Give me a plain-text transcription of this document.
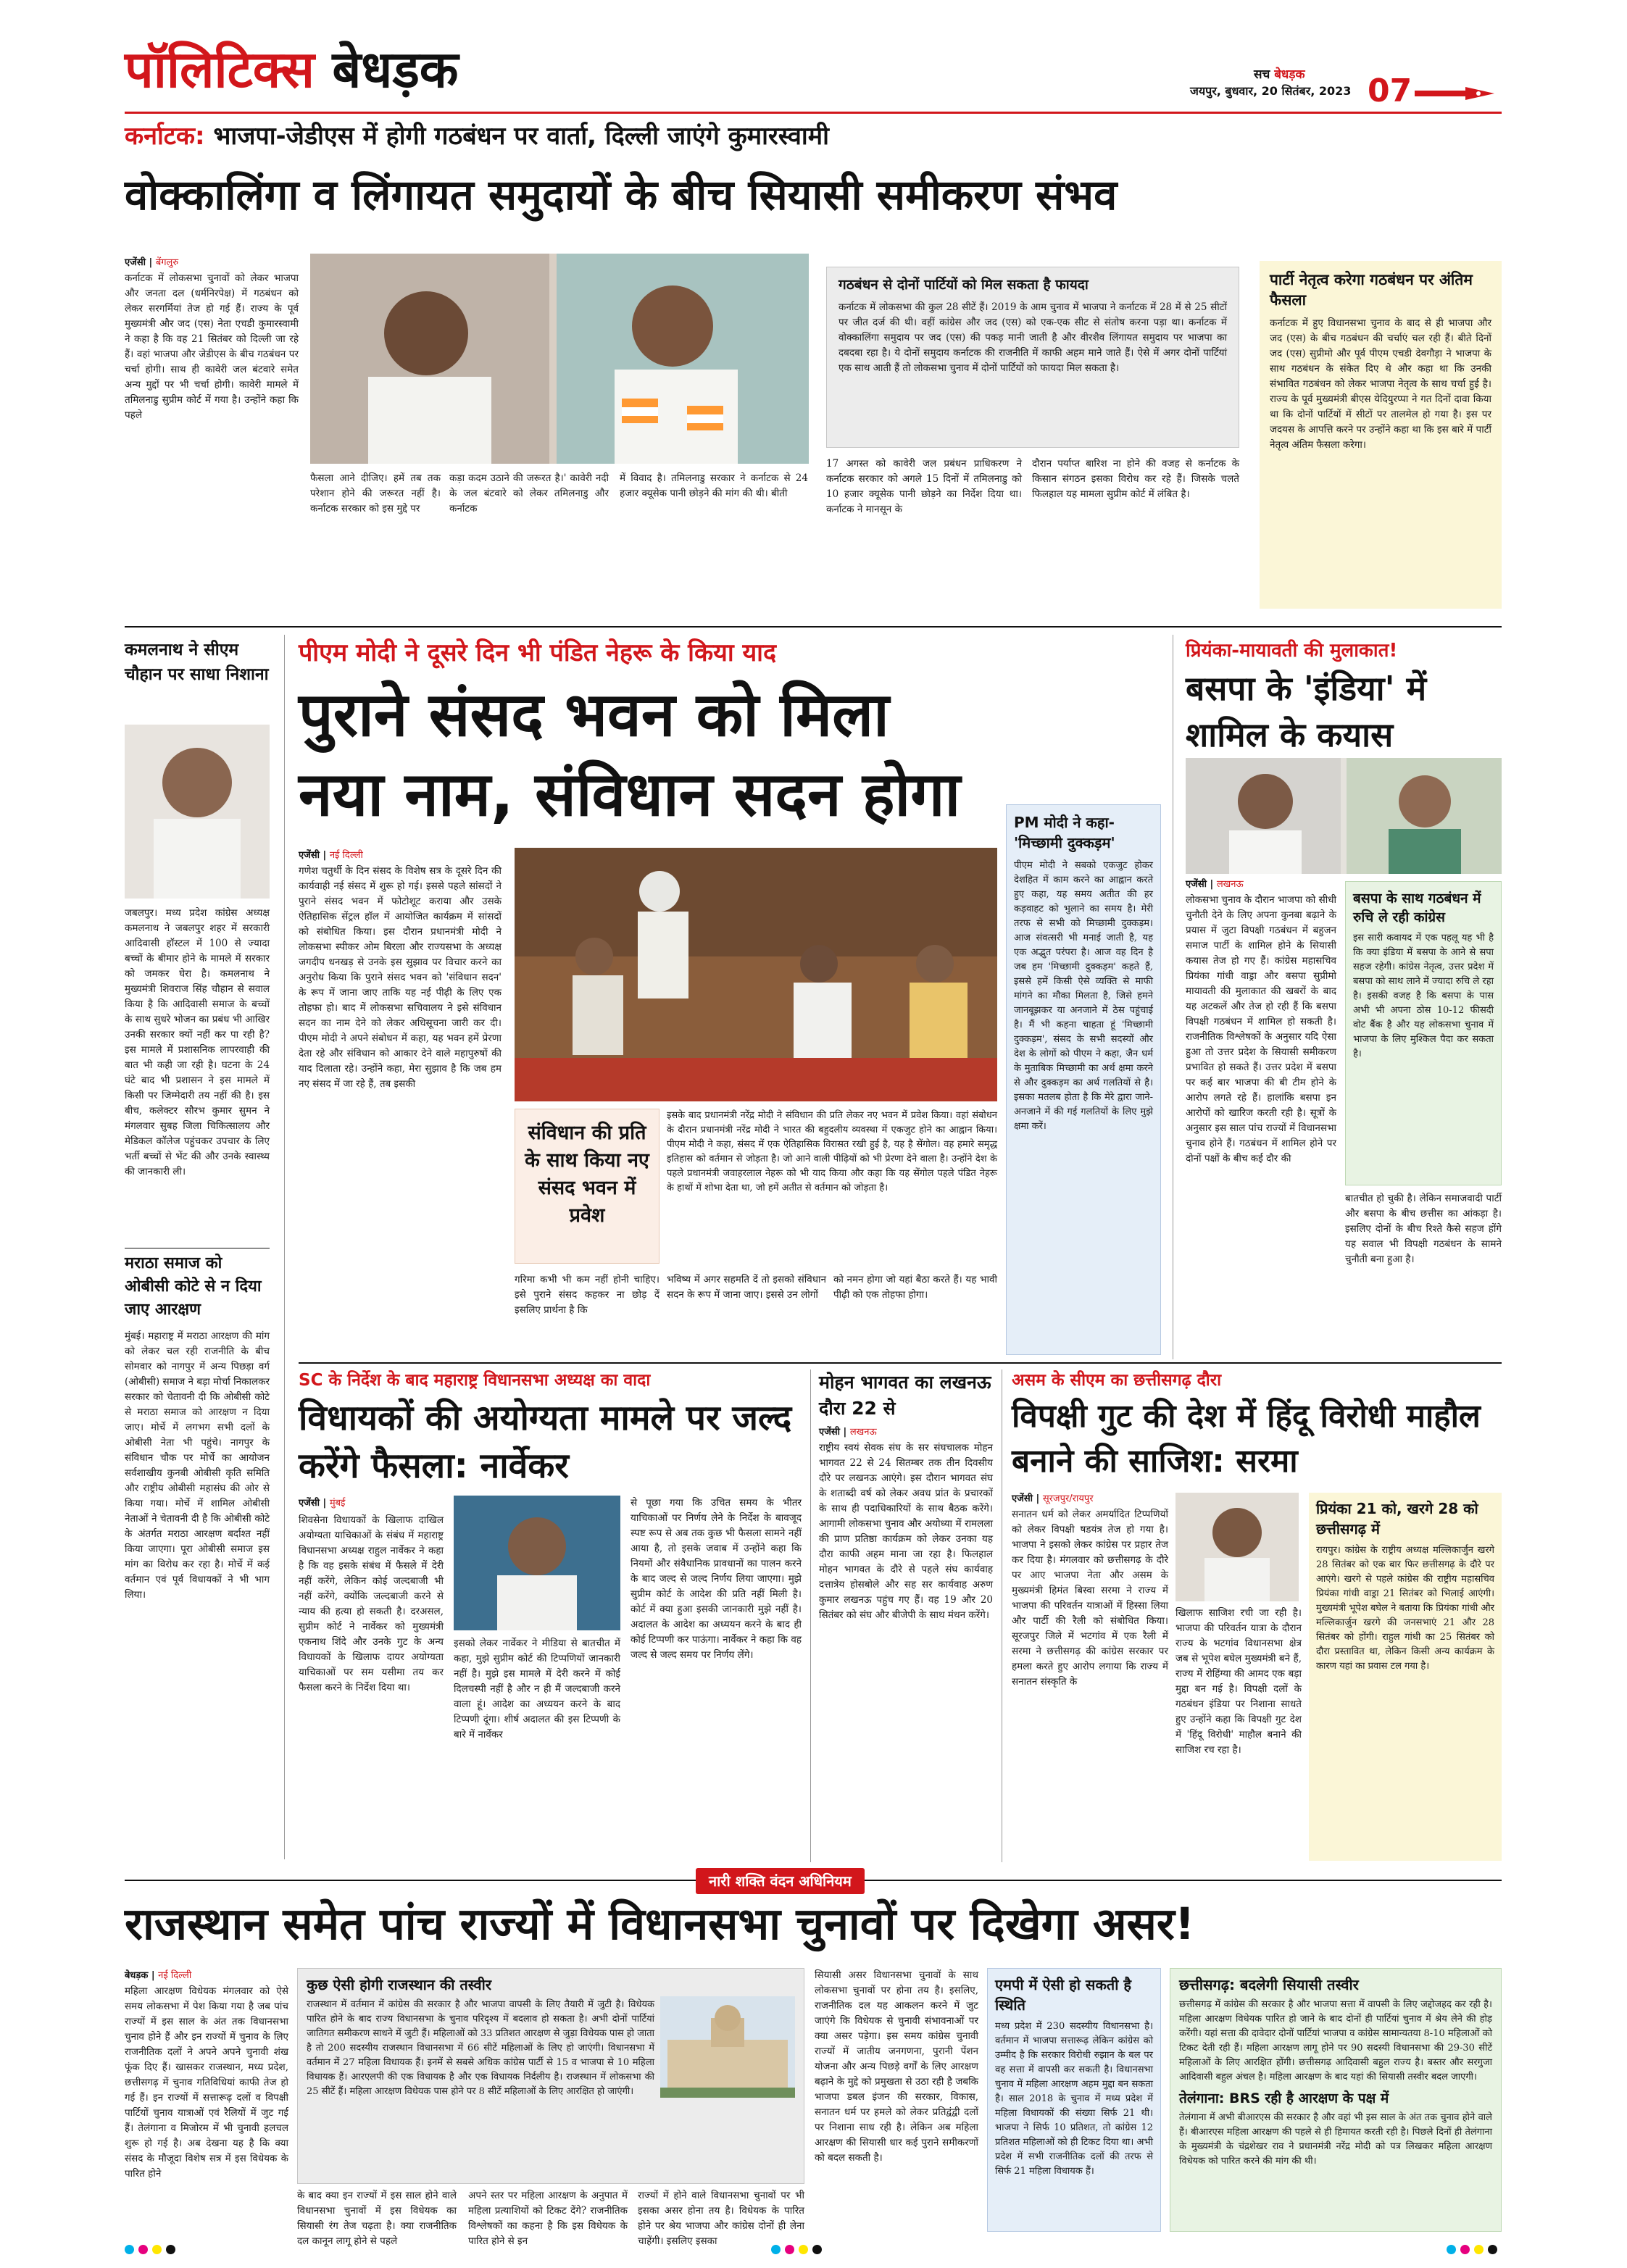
पॉलिटिक्स बेधड़क	सच बेधड़क
जयपुर, बुधवार, 20 सितंबर, 2023 07
कर्नाटक: भाजपा-जेडीएस में होगी गठबंधन पर वार्ता, दिल्ली जाएंगे कुमारस्वामी
वोक्कालिंगा व लिंगायत समुदायों के बीच सियासी समीकरण संभव
एजेंसी | बेंगलुरु
कर्नाटक में लोकसभा चुनावों को लेकर भाजपा और जनता दल (धर्मनिरपेक्ष) में गठबंधन को लेकर सरगर्मियां तेज हो गई हैं। राज्य के पूर्व मुख्यमंत्री और जद (एस) नेता एचडी कुमारस्वामी ने कहा है कि वह 21 सितंबर को दिल्ली जा रहे हैं। वहां भाजपा और जेडीएस के बीच गठबंधन पर चर्चा होगी। साथ ही कावेरी जल बंटवारे समेत अन्य मुद्दों पर भी चर्चा होगी। कावेरी मामले में तमिलनाडु सुप्रीम कोर्ट में गया है। उन्होंने कहा कि पहले
फैसला आने दीजिए। हमें तब तक परेशान होने की जरूरत नहीं है। कर्नाटक सरकार को इस मुद्दे पर
कड़ा कदम उठाने की जरूरत है।' कावेरी नदी के जल बंटवारे को लेकर तमिलनाडु और कर्नाटक
में विवाद है। तमिलनाडु सरकार ने कर्नाटक से 24 हजार क्यूसेक पानी छोड़ने की मांग की थी। बीती
गठबंधन से दोनों पार्टियों को मिल सकता है फायदा
कर्नाटक में लोकसभा की कुल 28 सीटें हैं। 2019 के आम चुनाव में भाजपा ने कर्नाटक में 28 में से 25 सीटों पर जीत दर्ज की थी। वहीं कांग्रेस और जद (एस) को एक-एक सीट से संतोष करना पड़ा था। कर्नाटक में वोक्कालिंगा समुदाय पर जद (एस) की पकड़ मानी जाती है और वीरशैव लिंगायत समुदाय पर भाजपा का दबदबा रहा है। ये दोनों समुदाय कर्नाटक की राजनीति में काफी अहम माने जाते हैं। ऐसे में अगर दोनों पार्टियां एक साथ आती हैं तो लोकसभा चुनाव में दोनों पार्टियों को फायदा मिल सकता है।
17 अगस्त को कावेरी जल प्रबंधन प्राधिकरण ने कर्नाटक सरकार को अगले 15 दिनों में तमिलनाडु को 10 हजार क्यूसेक पानी छोड़ने का निर्देश दिया था। कर्नाटक ने मानसून के
दौरान पर्याप्त बारिश ना होने की वजह से कर्नाटक के किसान संगठन इसका विरोध कर रहे हैं। जिसके चलते फिलहाल यह मामला सुप्रीम कोर्ट में लंबित है।
पार्टी नेतृत्व करेगा गठबंधन पर अंतिम फैसला
कर्नाटक में हुए विधानसभा चुनाव के बाद से ही भाजपा और जद (एस) के बीच गठबंधन की चर्चाएं चल रही हैं। बीते दिनों जद (एस) सुप्रीमो और पूर्व पीएम एचडी देवगौड़ा ने भाजपा के साथ गठबंधन के संकेत दिए थे और कहा था कि उनकी संभावित गठबंधन को लेकर भाजपा नेतृत्व के साथ चर्चा हुई है। राज्य के पूर्व मुख्यमंत्री बीएस येदियुरप्पा ने गत दिनों दावा किया था कि दोनों पार्टियों में सीटों पर तालमेल हो गया है। इस पर जदयस के आपत्ति करने पर उन्होंने कहा था कि इस बारे में पार्टी नेतृत्व अंतिम फैसला करेगा।
कमलनाथ ने सीएम चौहान पर साधा निशाना
जबलपुर। मध्य प्रदेश कांग्रेस अध्यक्ष कमलनाथ ने जबलपुर शहर में सरकारी आदिवासी हॉस्टल में 100 से ज्यादा बच्चों के बीमार होने के मामले में सरकार को जमकर घेरा है। कमलनाथ ने मुख्यमंत्री शिवराज सिंह चौहान से सवाल किया है कि आदिवासी समाज के बच्चों के साथ सुधरे भोजन का प्रबंध भी आखिर उनकी सरकार क्यों नहीं कर पा रही है? इस मामले में प्रशासनिक लापरवाही की बात भी कही जा रही है। घटना के 24 घंटे बाद भी प्रशासन ने इस मामले में किसी पर जिम्मेदारी तय नहीं की है। इस बीच, कलेक्टर सौरभ कुमार सुमन ने मंगलवार सुबह जिला चिकित्सालय और मेडिकल कॉलेज पहुंचकर उपचार के लिए भर्ती बच्चों से भेंट की और उनके स्वास्थ्य की जानकारी ली।
मराठा समाज को ओबीसी कोटे से न दिया जाए आरक्षण
मुंबई। महाराष्ट्र में मराठा आरक्षण की मांग को लेकर चल रही राजनीति के बीच सोमवार को नागपुर में अन्य पिछड़ा वर्ग (ओबीसी) समाज ने बड़ा मोर्चा निकालकर सरकार को चेतावनी दी कि ओबीसी कोटे से मराठा समाज को आरक्षण न दिया जाए। मोर्चे में लगभग सभी दलों के ओबीसी नेता भी पहुंचे। नागपुर के संविधान चौक पर मोर्चे का आयोजन सर्वशाखीय कुनबी ओबीसी कृति समिति और राष्ट्रीय ओबीसी महासंघ की ओर से किया गया। मोर्चे में शामिल ओबीसी नेताओं ने चेतावनी दी है कि ओबीसी कोटे के अंतर्गत मराठा आरक्षण बर्दाश्त नहीं किया जाएगा। पूरा ओबीसी समाज इस मांग का विरोध कर रहा है। मोर्चे में कई वर्तमान एवं पूर्व विधायकों ने भी भाग लिया।
पीएम मोदी ने दूसरे दिन भी पंडित नेहरू के किया याद
पुराने संसद भवन को मिला
नया नाम, संविधान सदन होगा
एजेंसी | नई दिल्ली
गणेश चतुर्थी के दिन संसद के विशेष सत्र के दूसरे दिन की कार्यवाही नई संसद में शुरू हो गई। इससे पहले सांसदों ने पुराने संसद भवन में फोटोशूट कराया और उसके ऐतिहासिक सेंट्रल हॉल में आयोजित कार्यक्रम में सांसदों को संबोधित किया। इस दौरान प्रधानमंत्री मोदी ने लोकसभा स्पीकर ओम बिरला और राज्यसभा के अध्यक्ष जगदीप धनखड़ से उनके इस सुझाव पर विचार करने का अनुरोध किया कि पुराने संसद भवन को 'संविधान सदन' के रूप में जाना जाए ताकि यह नई पीढ़ी के लिए एक तोहफा हो। बाद में लोकसभा सचिवालय ने इसे संविधान सदन का नाम देने को लेकर अधिसूचना जारी कर दी। पीएम मोदी ने अपने संबोधन में कहा, यह भवन हमें प्रेरणा देता रहे और संविधान को आकार देने वाले महापुरुषों की याद दिलाता रहे। उन्होंने कहा, मेरा सुझाव है कि जब हम नए संसद में जा रहे हैं, तब इसकी
संविधान की प्रति के साथ किया नए संसद भवन में प्रवेश
इसके बाद प्रधानमंत्री नरेंद्र मोदी ने संविधान की प्रति लेकर नए भवन में प्रवेश किया। वहां संबोधन के दौरान प्रधानमंत्री नरेंद्र मोदी ने भारत की बहुदलीय व्यवस्था में एकजुट होने का आह्वान किया। पीएम मोदी ने कहा, संसद में एक ऐतिहासिक विरासत रखी हुई है, यह है सेंगोल। वह हमारे समृद्ध इतिहास को वर्तमान से जोड़ता है। जो आने वाली पीढ़ियों को भी प्रेरणा देने वाला है। उन्होंने देश के पहले प्रधानमंत्री जवाहरलाल नेहरू को भी याद किया और कहा कि यह सेंगोल पहले पंडित नेहरू के हाथों में शोभा देता था, जो हमें अतीत से वर्तमान को जोड़ता है।
गरिमा कभी भी कम नहीं होनी चाहिए। इसे पुराने संसद कहकर ना छोड़ दें इसलिए प्रार्थना है कि
भविष्य में अगर सहमति दें तो इसको संविधान सदन के रूप में जाना जाए। इससे उन लोगों
को नमन होगा जो यहां बैठा करते हैं। यह भावी पीढ़ी को एक तोहफा होगा।
PM मोदी ने कहा- 'मिच्छामी दुक्कड़म'
पीएम मोदी ने सबको एकजुट होकर देशहित में काम करने का आह्वान करते हुए कहा, यह समय अतीत की हर कड़वाहट को भुलाने का समय है। मेरी तरफ से सभी को मिच्छामी दुक्कड़म। आज संवत्सरी भी मनाई जाती है, यह एक अद्भुत परंपरा है। आज वह दिन है जब हम 'मिच्छामी दुक्कड़म' कहते हैं, इससे हमें किसी ऐसे व्यक्ति से माफी मांगने का मौका मिलता है, जिसे हमने जानबूझकर या अनजाने में ठेस पहुंचाई है। मैं भी कहना चाहता हूं 'मिच्छामी दुक्कड़म', संसद के सभी सदस्यों और देश के लोगों को पीएम ने कहा, जैन धर्म के मुताबिक मिच्छामी का अर्थ क्षमा करने से और दुक्कड़म का अर्थ गलतियों से है। इसका मतलब होता है कि मेरे द्वारा जाने-अनजाने में की गई गलतियों के लिए मुझे क्षमा करें।
प्रियंका-मायावती की मुलाकात!
बसपा के 'इंडिया' में शामिल के कयास
एजेंसी | लखनऊ
लोकसभा चुनाव के दौरान भाजपा को सीधी चुनौती देने के लिए अपना कुनबा बढ़ाने के प्रयास में जुटा विपक्षी गठबंधन में बहुजन समाज पार्टी के शामिल होने के सियासी कयास तेज हो गए हैं। कांग्रेस महासचिव प्रियंका गांधी वाड्रा और बसपा सुप्रीमो मायावती की मुलाकात की खबरों के बाद यह अटकलें और तेज हो रही हैं कि बसपा विपक्षी गठबंधन में शामिल हो सकती है। राजनीतिक विश्लेषकों के अनुसार यदि ऐसा हुआ तो उत्तर प्रदेश के सियासी समीकरण प्रभावित हो सकते हैं। उत्तर प्रदेश में बसपा पर कई बार भाजपा की बी टीम होने के आरोप लगते रहे हैं। हालांकि बसपा इन आरोपों को खारिज करती रही है। सूत्रों के अनुसार इस साल पांच राज्यों में विधानसभा चुनाव होने हैं। गठबंधन में शामिल होने पर दोनों पक्षों के बीच कई दौर की
बसपा के साथ गठबंधन में रुचि ले रही कांग्रेस
इस सारी कवायद में एक पहलू यह भी है कि क्या इंडिया में बसपा के आने से सपा सहज रहेगी। कांग्रेस नेतृत्व, उत्तर प्रदेश में बसपा को साथ लाने में ज्यादा रुचि ले रहा है। इसकी वजह है कि बसपा के पास अभी भी अपना ठोस 10-12 फीसदी वोट बैंक है और यह लोकसभा चुनाव में भाजपा के लिए मुश्किल पैदा कर सकता है।
बातचीत हो चुकी है। लेकिन समाजवादी पार्टी और बसपा के बीच छत्तीस का आंकड़ा है। इसलिए दोनों के बीच रिश्ते कैसे सहज होंगे यह सवाल भी विपक्षी गठबंधन के सामने चुनौती बना हुआ है।
SC के निर्देश के बाद महाराष्ट्र विधानसभा अध्यक्ष का वादा
विधायकों की अयोग्यता मामले पर जल्द करेंगे फैसला: नार्वेकर
एजेंसी | मुंबई
शिवसेना विधायकों के खिलाफ दाखिल अयोग्यता याचिकाओं के संबंध में महाराष्ट्र विधानसभा अध्यक्ष राहुल नार्वेकर ने कहा है कि वह इसके संबंध में फैसले में देरी नहीं करेंगे, लेकिन कोई जल्दबाजी भी नहीं करेंगे, क्योंकि जल्दबाजी करने से न्याय की हत्या हो सकती है। दरअसल, सुप्रीम कोर्ट ने नार्वेकर को मुख्यमंत्री एकनाथ शिंदे और उनके गुट के अन्य विधायकों के खिलाफ दायर अयोग्यता याचिकाओं पर सम यसीमा तय कर फैसला करने के निर्देश दिया था।
इसको लेकर नार्वेकर ने मीडिया से बातचीत में कहा, मुझे सुप्रीम कोर्ट की टिप्पणियों जानकारी नहीं है। मुझे इस मामले में देरी करने में कोई दिलचस्पी नहीं है और न ही मैं जल्दबाजी करने वाला हूं। आदेश का अध्ययन करने के बाद टिप्पणी दूंगा। शीर्ष अदालत की इस टिप्पणी के बारे में नार्वेकर
से पूछा गया कि उचित समय के भीतर याचिकाओं पर निर्णय लेने के निर्देश के बावजूद स्पष्ट रूप से अब तक कुछ भी फैसला सामने नहीं आया है, तो इसके जवाब में उन्होंने कहा कि नियमों और संवैधानिक प्रावधानों का पालन करने के बाद जल्द से जल्द निर्णय लिया जाएगा। मुझे सुप्रीम कोर्ट के आदेश की प्रति नहीं मिली है। कोर्ट में क्या हुआ इसकी जानकारी मुझे नहीं है। अदालत के आदेश का अध्ययन करने के बाद ही कोई टिप्पणी कर पाऊंगा। नार्वेकर ने कहा कि वह जल्द से जल्द समय पर निर्णय लेंगे।
मोहन भागवत का लखनऊ दौरा 22 से
एजेंसी | लखनऊ
राष्ट्रीय स्वयं सेवक संघ के सर संघचालक मोहन भागवत 22 से 24 सितम्बर तक तीन दिवसीय दौरे पर लखनऊ आएंगे। इस दौरान भागवत संघ के शताब्दी वर्ष को लेकर अवध प्रांत के प्रचारकों के साथ ही पदाधिकारियों के साथ बैठक करेंगे। आगामी लोकसभा चुनाव और अयोध्या में रामलला की प्राण प्रतिष्ठा कार्यक्रम को लेकर उनका यह दौरा काफी अहम माना जा रहा है। फिलहाल मोहन भागवत के दौरे से पहले संघ कार्यवाह दत्तात्रेय होसबोले और सह सर कार्यवाह अरुण कुमार लखनऊ पहुंच गए हैं। वह 19 और 20 सितंबर को संघ और बीजेपी के साथ मंथन करेंगे।
असम के सीएम का छत्तीसगढ़ दौरा
विपक्षी गुट की देश में हिंदू विरोधी माहौल बनाने की साजिश: सरमा
एजेंसी | सूरजपुर/रायपुर
सनातन धर्म को लेकर अमर्यादित टिप्पणियों को लेकर विपक्षी षडयंत्र तेज हो गया है। भाजपा ने इसको लेकर कांग्रेस पर प्रहार तेज कर दिया है। मंगलवार को छत्तीसगढ़ के दौरे पर आए भाजपा नेता और असम के मुख्यमंत्री हिमंत बिस्वा सरमा ने राज्य में भाजपा की परिवर्तन यात्राओं में हिस्सा लिया और पार्टी की रैली को संबोधित किया। सूरजपुर जिले में भटगांव में एक रैली में सरमा ने छत्तीसगढ़ की कांग्रेस सरकार पर हमला करते हुए आरोप लगाया कि राज्य में सनातन संस्कृति के
खिलाफ साजिश रची जा रही है। भाजपा की परिवर्तन यात्रा के दौरान राज्य के भटगांव विधानसभा क्षेत्र जब से भूपेश बघेल मुख्यमंत्री बने हैं, राज्य में रोहिंग्या की आमद एक बड़ा मुद्दा बन गई है। विपक्षी दलों के गठबंधन इंडिया पर निशाना साधते हुए उन्होंने कहा कि विपक्षी गुट देश में 'हिंदू विरोधी' माहौल बनाने की साजिश रच रहा है।
प्रियंका 21 को, खरगे 28 को छत्तीसगढ़ में
रायपुर। कांग्रेस के राष्ट्रीय अध्यक्ष मल्लिकार्जुन खरगे 28 सितंबर को एक बार फिर छत्तीसगढ़ के दौरे पर आएंगे। खरगे से पहले कांग्रेस की राष्ट्रीय महासचिव प्रियंका गांधी वाड्रा 21 सितंबर को भिलाई आएंगी। मुख्यमंत्री भूपेश बघेल ने बताया कि प्रियंका गांधी और मल्लिकार्जुन खरगे की जनसभाएं 21 और 28 सितंबर को होंगी। राहुल गांधी का 25 सितंबर को दौरा प्रस्तावित था, लेकिन किसी अन्य कार्यक्रम के कारण यहां का प्रवास टल गया है।
नारी शक्ति वंदन अधिनियम
राजस्थान समेत पांच राज्यों में विधानसभा चुनावों पर दिखेगा असर!
बेधड़क | नई दिल्ली
महिला आरक्षण विधेयक मंगलवार को ऐसे समय लोकसभा में पेश किया गया है जब पांच राज्यों में इस साल के अंत तक विधानसभा चुनाव होने हैं और इन राज्यों में चुनाव के लिए राजनीतिक दलों ने अपने अपने चुनावी शंख फूंक दिए हैं। खासकर राजस्थान, मध्य प्रदेश, छत्तीसगढ़ में चुनाव गतिविधियां काफी तेज हो गई हैं। इन राज्यों में सत्तारूढ़ दलों व विपक्षी पार्टियों चुनाव यात्राओं एवं रैलियों में जुट गई हैं। तेलंगाना व मिजोरम में भी चुनावी हलचल शुरू हो गई है। अब देखना यह है कि क्या संसद के मौजूदा विशेष सत्र में इस विधेयक के पारित होने
कुछ ऐसी होगी राजस्थान की तस्वीर
राजस्थान में वर्तमान में कांग्रेस की सरकार है और भाजपा वापसी के लिए तैयारी में जुटी है। विधेयक पारित होने के बाद राज्य विधानसभा के चुनाव परिदृश्य में बदलाव हो सकता है। अभी दोनों पार्टियां जातिगत समीकरण साधने में जुटी हैं। महिलाओं को 33 प्रतिशत आरक्षण से जुड़ा विधेयक पास हो जाता है तो 200 सदस्यीय राजस्थान विधानसभा में 66 सीटें महिलाओं के लिए हो जाएंगी। विधानसभा में वर्तमान में 27 महिला विधायक हैं। इनमें से सबसे अधिक कांग्रेस पार्टी से 15 व भाजपा से 10 महिला विधायक हैं। आरएलपी की एक विधायक है और एक विधायक निर्दलीय है। राजस्थान में लोकसभा की 25 सीटें हैं। महिला आरक्षण विधेयक पास होने पर 8 सीटें महिलाओं के लिए आरक्षित हो जाएंगी।
के बाद क्या इन राज्यों में इस साल होने वाले विधानसभा चुनावों में इस विधेयक का सियासी रंग तेज चढ़ता है। क्या राजनीतिक दल कानून लागू होने से पहले
अपने स्तर पर महिला आरक्षण के अनुपात में महिला प्रत्याशियों को टिकट देंगे? राजनीतिक विश्लेषकों का कहना है कि इस विधेयक के पारित होने से इन
राज्यों में होने वाले विधानसभा चुनावों पर भी इसका असर होना तय है। विधेयक के पारित होने पर श्रेय भाजपा और कांग्रेस दोनों ही लेना चाहेंगी। इसलिए इसका
सियासी असर विधानसभा चुनावों के साथ लोकसभा चुनावों पर होना तय है। इसलिए, राजनीतिक दल यह आकलन करने में जुट जाएंगे कि विधेयक से चुनावी संभावनाओं पर क्या असर पड़ेगा। इस समय कांग्रेस चुनावी राज्यों में जातीय जनगणना, पुरानी पेंशन योजना और अन्य पिछड़े वर्गों के लिए आरक्षण बढ़ाने के मुद्दे को प्रमुखता से उठा रही है जबकि भाजपा डबल इंजन की सरकार, विकास, सनातन धर्म पर हमले को लेकर प्रतिद्वंद्वी दलों पर निशाना साध रही है। लेकिन अब महिला आरक्षण की सियासी धार कई पुराने समीकरणों को बदल सकती है।
एमपी में ऐसी हो सकती है स्थिति
मध्य प्रदेश में 230 सदस्यीय विधानसभा है। वर्तमान में भाजपा सत्तारूढ़ लेकिन कांग्रेस को उम्मीद है कि सरकार विरोधी रुझान के बल पर वह सत्ता में वापसी कर सकती है। विधानसभा चुनाव में महिला आरक्षण अहम मुद्दा बन सकता है। साल 2018 के चुनाव में मध्य प्रदेश में महिला विधायकों की संख्या सिर्फ 21 थी। भाजपा ने सिर्फ 10 प्रतिशत, तो कांग्रेस 12 प्रतिशत महिलाओं को ही टिकट दिया था। अभी प्रदेश में सभी राजनीतिक दलों की तरफ से सिर्फ 21 महिला विधायक हैं।
छत्तीसगढ़: बदलेगी सियासी तस्वीर
छत्तीसगढ़ में कांग्रेस की सरकार है और भाजपा सत्ता में वापसी के लिए जद्दोजहद कर रही है। महिला आरक्षण विधेयक पारित हो जाने के बाद दोनों ही पार्टियां चुनाव में श्रेय लेने की होड़ करेंगी। यहां सत्ता की दावेदार दोनों पार्टियां भाजपा व कांग्रेस सामान्यतया 8-10 महिलाओं को टिकट देती रही हैं। महिला आरक्षण लागू होने पर 90 सदस्यी विधानसभा की 29-30 सीटें महिलाओं के लिए आरक्षित होंगी। छत्तीसगढ़ आदिवासी बहुल राज्य है। बस्तर और सरगुजा आदिवासी बहुल अंचल है। महिला आरक्षण के बाद यहां की सियासी तस्वीर बदल जाएगी।
तेलंगाना: BRS रही है आरक्षण के पक्ष में
तेलंगाना में अभी बीआरएस की सरकार है और वहां भी इस साल के अंत तक चुनाव होने वाले हैं। बीआरएस महिला आरक्षण की पहले से ही हिमायत करती रही है। पिछले दिनों ही तेलंगाना के मुख्यमंत्री के चंद्रशेखर राव ने प्रधानमंत्री नरेंद्र मोदी को पत्र लिखकर महिला आरक्षण विधेयक को पारित करने की मांग की थी।
